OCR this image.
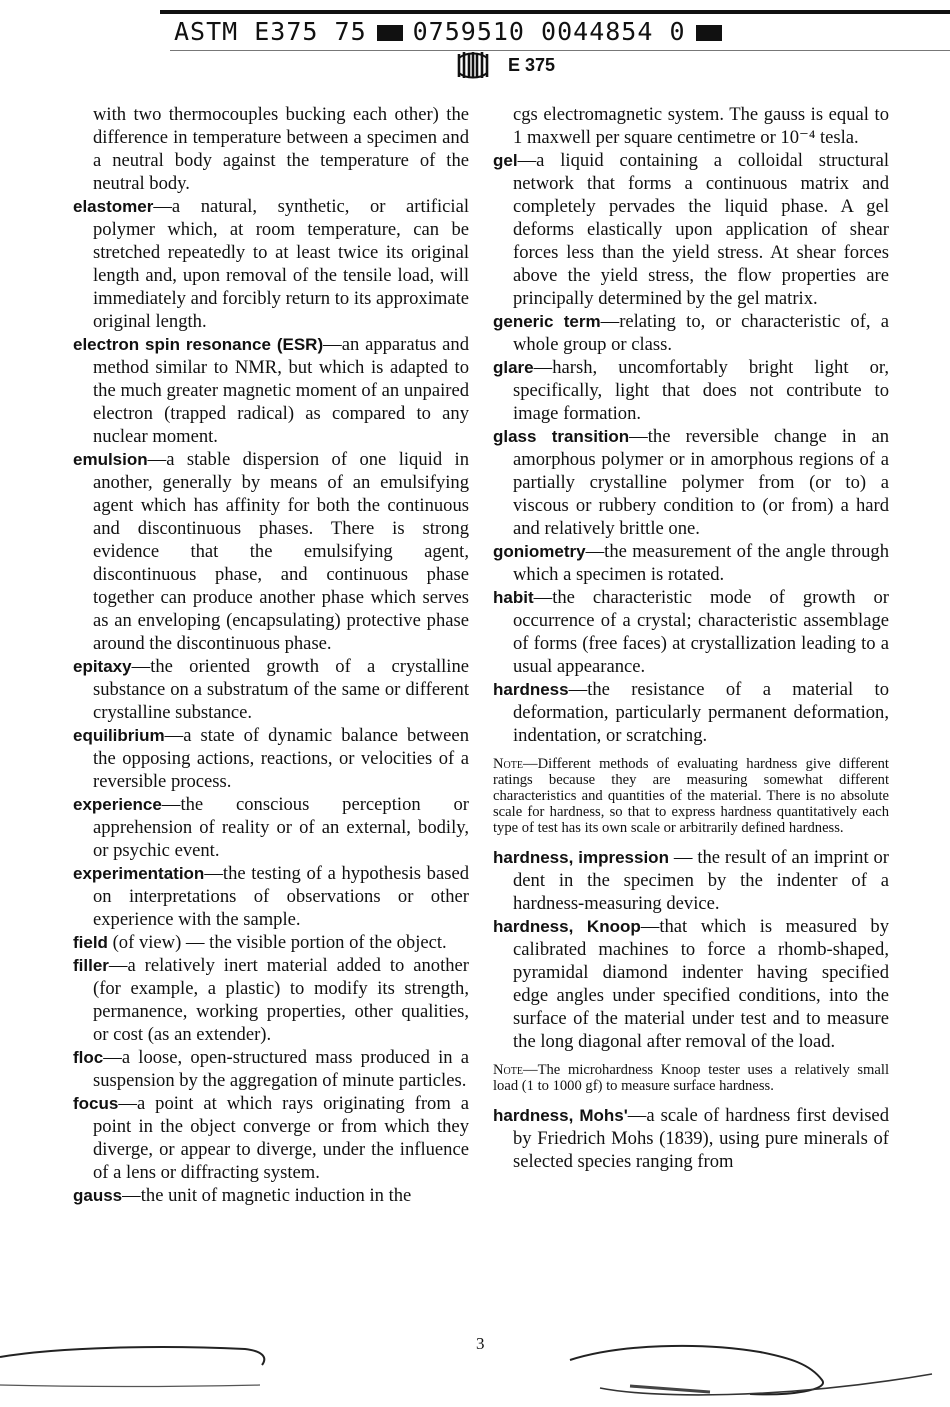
ASTM E375 75 0759510 0044854 0
E 375

with two thermocouples bucking each other) the difference in temperature between a specimen and a neutral body against the temperature of the neutral body.

elastomer—a natural, synthetic, or artificial polymer which, at room temperature, can be stretched repeatedly to at least twice its original length and, upon removal of the tensile load, will immediately and forcibly return to its approximate original length.

electron spin resonance (ESR)—an apparatus and method similar to NMR, but which is adapted to the much greater magnetic moment of an unpaired electron (trapped radical) as compared to any nuclear moment.

emulsion—a stable dispersion of one liquid in another, generally by means of an emulsifying agent which has affinity for both the continuous and discontinuous phases. There is strong evidence that the emulsifying agent, discontinuous phase, and continuous phase together can produce another phase which serves as an enveloping (encapsulating) protective phase around the discontinuous phase.

epitaxy—the oriented growth of a crystalline substance on a substratum of the same or different crystalline substance.

equilibrium—a state of dynamic balance between the opposing actions, reactions, or velocities of a reversible process.

experience—the conscious perception or apprehension of reality or of an external, bodily, or psychic event.

experimentation—the testing of a hypothesis based on interpretations of observations or other experience with the sample.

field (of view) — the visible portion of the object.

filler—a relatively inert material added to another (for example, a plastic) to modify its strength, permanence, working properties, other qualities, or cost (as an extender).

floc—a loose, open-structured mass produced in a suspension by the aggregation of minute particles.

focus—a point at which rays originating from a point in the object converge or from which they diverge, or appear to diverge, under the influence of a lens or diffracting system.

gauss—the unit of magnetic induction in the

cgs electromagnetic system. The gauss is equal to 1 maxwell per square centimetre or 10⁻⁴ tesla.

gel—a liquid containing a colloidal structural network that forms a continuous matrix and completely pervades the liquid phase. A gel deforms elastically upon application of shear forces less than the yield stress. At shear forces above the yield stress, the flow properties are principally determined by the gel matrix.

generic term—relating to, or characteristic of, a whole group or class.

glare—harsh, uncomfortably bright light or, specifically, light that does not contribute to image formation.

glass transition—the reversible change in an amorphous polymer or in amorphous regions of a partially crystalline polymer from (or to) a viscous or rubbery condition to (or from) a hard and relatively brittle one.

goniometry—the measurement of the angle through which a specimen is rotated.

habit—the characteristic mode of growth or occurrence of a crystal; characteristic assemblage of forms (free faces) at crystallization leading to a usual appearance.

hardness—the resistance of a material to deformation, particularly permanent deformation, indentation, or scratching.

Note—Different methods of evaluating hardness give different ratings because they are measuring somewhat different characteristics and quantities of the material. There is no absolute scale for hardness, so that to express hardness quantitatively each type of test has its own scale or arbitrarily defined hardness.

hardness, impression — the result of an imprint or dent in the specimen by the indenter of a hardness-measuring device.

hardness, Knoop—that which is measured by calibrated machines to force a rhomb-shaped, pyramidal diamond indenter having specified edge angles under specified conditions, into the surface of the material under test and to measure the long diagonal after removal of the load.

Note—The microhardness Knoop tester uses a relatively small load (1 to 1000 gf) to measure surface hardness.

hardness, Mohs'—a scale of hardness first devised by Friedrich Mohs (1839), using pure minerals of selected species ranging from

3
